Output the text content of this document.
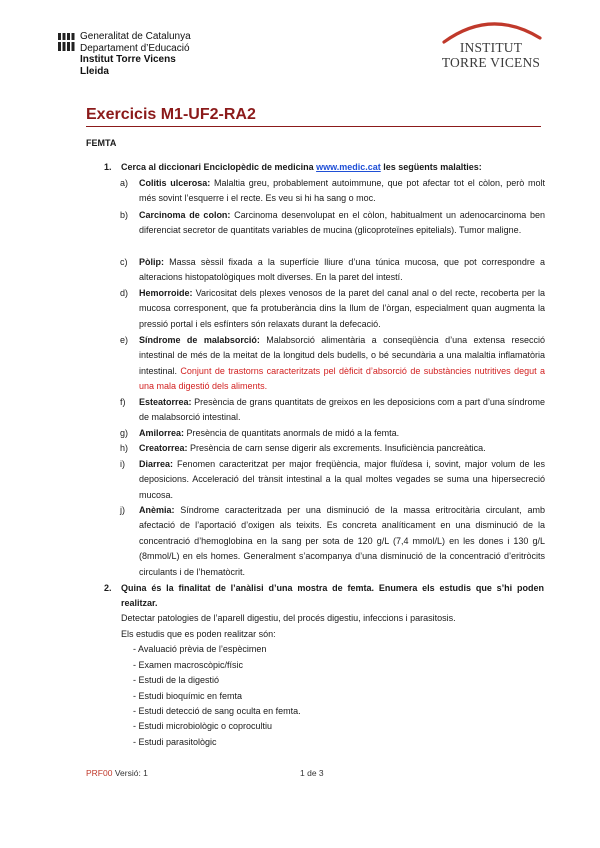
Generalitat de Catalunya
Departament d’Educació
Institut Torre Vicens
Lleida
INSTITUT
TORRE VICENS
Exercicis M1-UF2-RA2
FEMTA
1. Cerca al diccionari Enciclopèdic de medicina www.medic.cat les següents malalties:
a) Colitis ulcerosa: Malaltia greu, probablement autoimmune, que pot afectar tot el còlon, però molt més sovint l’esquerre i el recte. Es veu si hi ha sang o moc.
b) Carcinoma de colon: Carcinoma desenvolupat en el còlon, habitualment un adenocarcinoma ben diferenciat secretor de quantitats variables de mucina (glicoproteïnes epitelials). Tumor maligne.
c) Pòlip: Massa sèssil fixada a la superfície lliure d’una túnica mucosa, que pot correspondre a alteracions histopatològiques molt diverses. En la paret del intestí.
d) Hemorroide: Varicositat dels plexes venosos de la paret del canal anal o del recte, recoberta per la mucosa corresponent, que fa protuberància dins la llum de l’òrgan, especialment quan augmenta la pressió portal i els esfínters són relaxats durant la defecació.
e) Síndrome de malabsorció: Malabsorció alimentària a conseqüència d’una extensa resecció intestinal de més de la meitat de la longitud dels budells, o bé secundària a una malaltia inflamatòria intestinal. Conjunt de trastorns caracteritzats pel dèficit d’absorció de substàncies nutritives degut a una mala digestió dels aliments.
f) Esteatorrea: Presència de grans quantitats de greixos en les deposicions com a part d’una síndrome de malabsorció intestinal.
g) Amilorrea: Presència de quantitats anormals de midó a la femta.
h) Creatorrea: Presència de carn sense digerir als excrements. Insuficiència pancreàtica.
i) Diarrea: Fenomen caracteritzat per major freqüència, major fluïdesa i, sovint, major volum de les deposicions. Acceleració del trànsit intestinal a la qual moltes vegades se suma una hipersecreció mucosa.
j) Anèmia: Síndrome caracteritzada per una disminució de la massa eritrocitària circulant, amb afectació de l’aportació d’oxigen als teixits. Es concreta analíticament en una disminució de la concentració d’hemoglobina en la sang per sota de 120 g/L (7,4 mmol/L) en les dones i 130 g/L (8mmol/L) en els homes. Generalment s’acompanya d’una disminució de la concentració d’eritròcits circulants i de l’hematòcrit.
2. Quina és la finalitat de l’anàlisi d’una mostra de femta. Enumera els estudis que s’hi poden realitzar.
Detectar patologies de l’aparell digestiu, del procés digestiu, infeccions i parasitosis.
Els estudis que es poden realitzar són:
- Avaluació prèvia de l’espècimen
- Examen macroscòpic/físic
- Estudi de la digestió
- Estudi bioquímic en femta
- Estudi detecció de sang oculta en femta.
- Estudi microbiològic o coprocultiu
- Estudi parasitològic
PRF00 Versió: 1	1 de 3
